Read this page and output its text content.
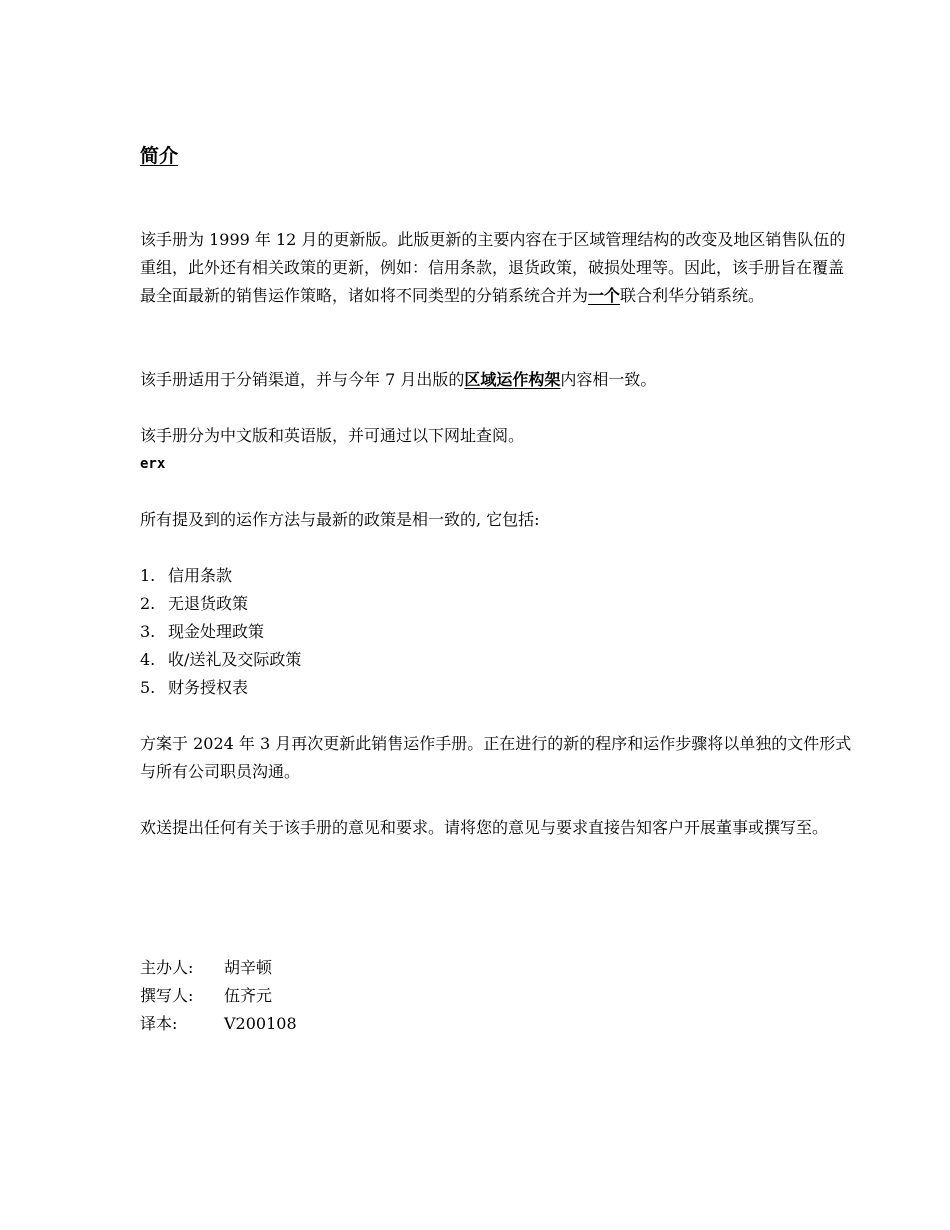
简介

该手册为 1999 年 12 月的更新版。此版更新的主要内容在于区域管理结构的改变及地区销售队伍的重组，此外还有相关政策的更新，例如：信用条款，退货政策，破损处理等。因此，该手册旨在覆盖最全面最新的销售运作策略，诸如将不同类型的分销系统合并为一个联合利华分销系统。

该手册适用于分销渠道，并与今年 7 月出版的区域运作构架内容相一致。

该手册分为中文版和英语版，并可通过以下网址查阅。

erx

所有提及到的运作方法与最新的政策是相一致的, 它包括:

1. 信用条款
2. 无退货政策
3. 现金处理政策
4. 收/送礼及交际政策
5. 财务授权表

方案于 2024 年 3 月再次更新此销售运作手册。正在进行的新的程序和运作步骤将以单独的文件形式与所有公司职员沟通。

欢送提出任何有关于该手册的意见和要求。请将您的意见与要求直接告知客户开展董事或撰写至。

主办人: 胡辛顿
撰写人: 伍齐元
译本:	V200108
